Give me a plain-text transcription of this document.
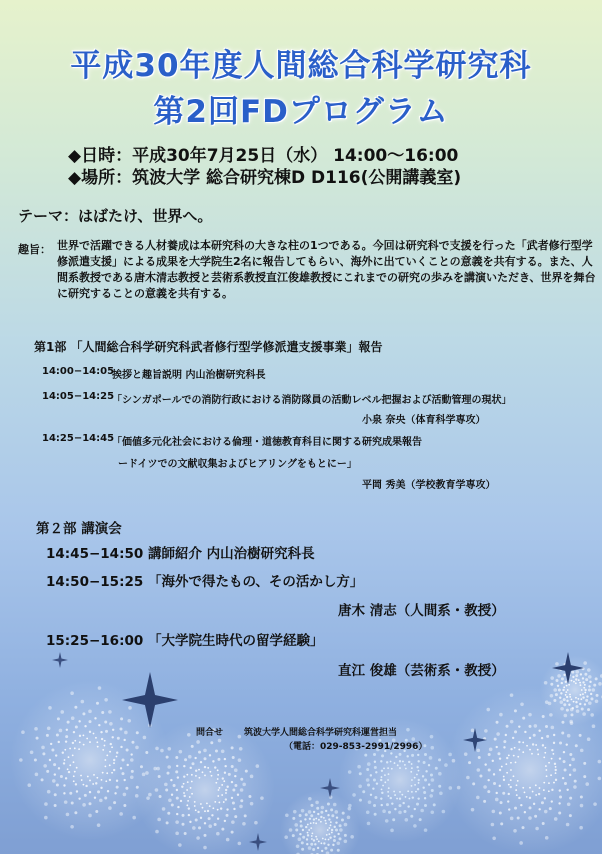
平成30年度人間総合科学研究科
第2回FDプログラム
◆日時：平成30年7月25日（水） 14:00〜16:00
◆場所：筑波大学 総合研究棟D D116(公開講義室)
テーマ：はばたけ、世界へ。
趣旨： 世界で活躍できる人材養成は本研究科の大きな柱の1つである。今回は研究科で支援を行った「武者修行型学修派遣支援」による成果を大学院生2名に報告してもらい、海外に出ていくことの意義を共有する。また、人間系教授である唐木清志教授と芸術系教授直江俊雄教授にこれまでの研究の歩みを講演いただき、世界を舞台に研究することの意義を共有する。
第1部 「人間総合科学研究科武者修行型学修派遣支援事業」報告
14:00−14:05
挨拶と趣旨説明 内山治樹研究科長
14:05−14:25
「シンガポールでの消防行政における消防隊員の活動レベル把握および活動管理の現状」
小泉 奈央（体育科学専攻）
14:25−14:45
「価値多元化社会における倫理・道徳教育科目に関する研究成果報告
ードイツでの文献収集およびヒアリングをもとにー」
平岡 秀美（学校教育学専攻）
第２部 講演会
14:45−14:50 講師紹介 内山治樹研究科長
14:50−15:25 「海外で得たもの、その活かし方」
唐木 清志（人間系・教授）
15:25−16:00 「大学院生時代の留学経験」
直江 俊雄（芸術系・教授）
問合せ 筑波大学人間総合科学研究科運営担当
（電話：029-853-2991/2996）
